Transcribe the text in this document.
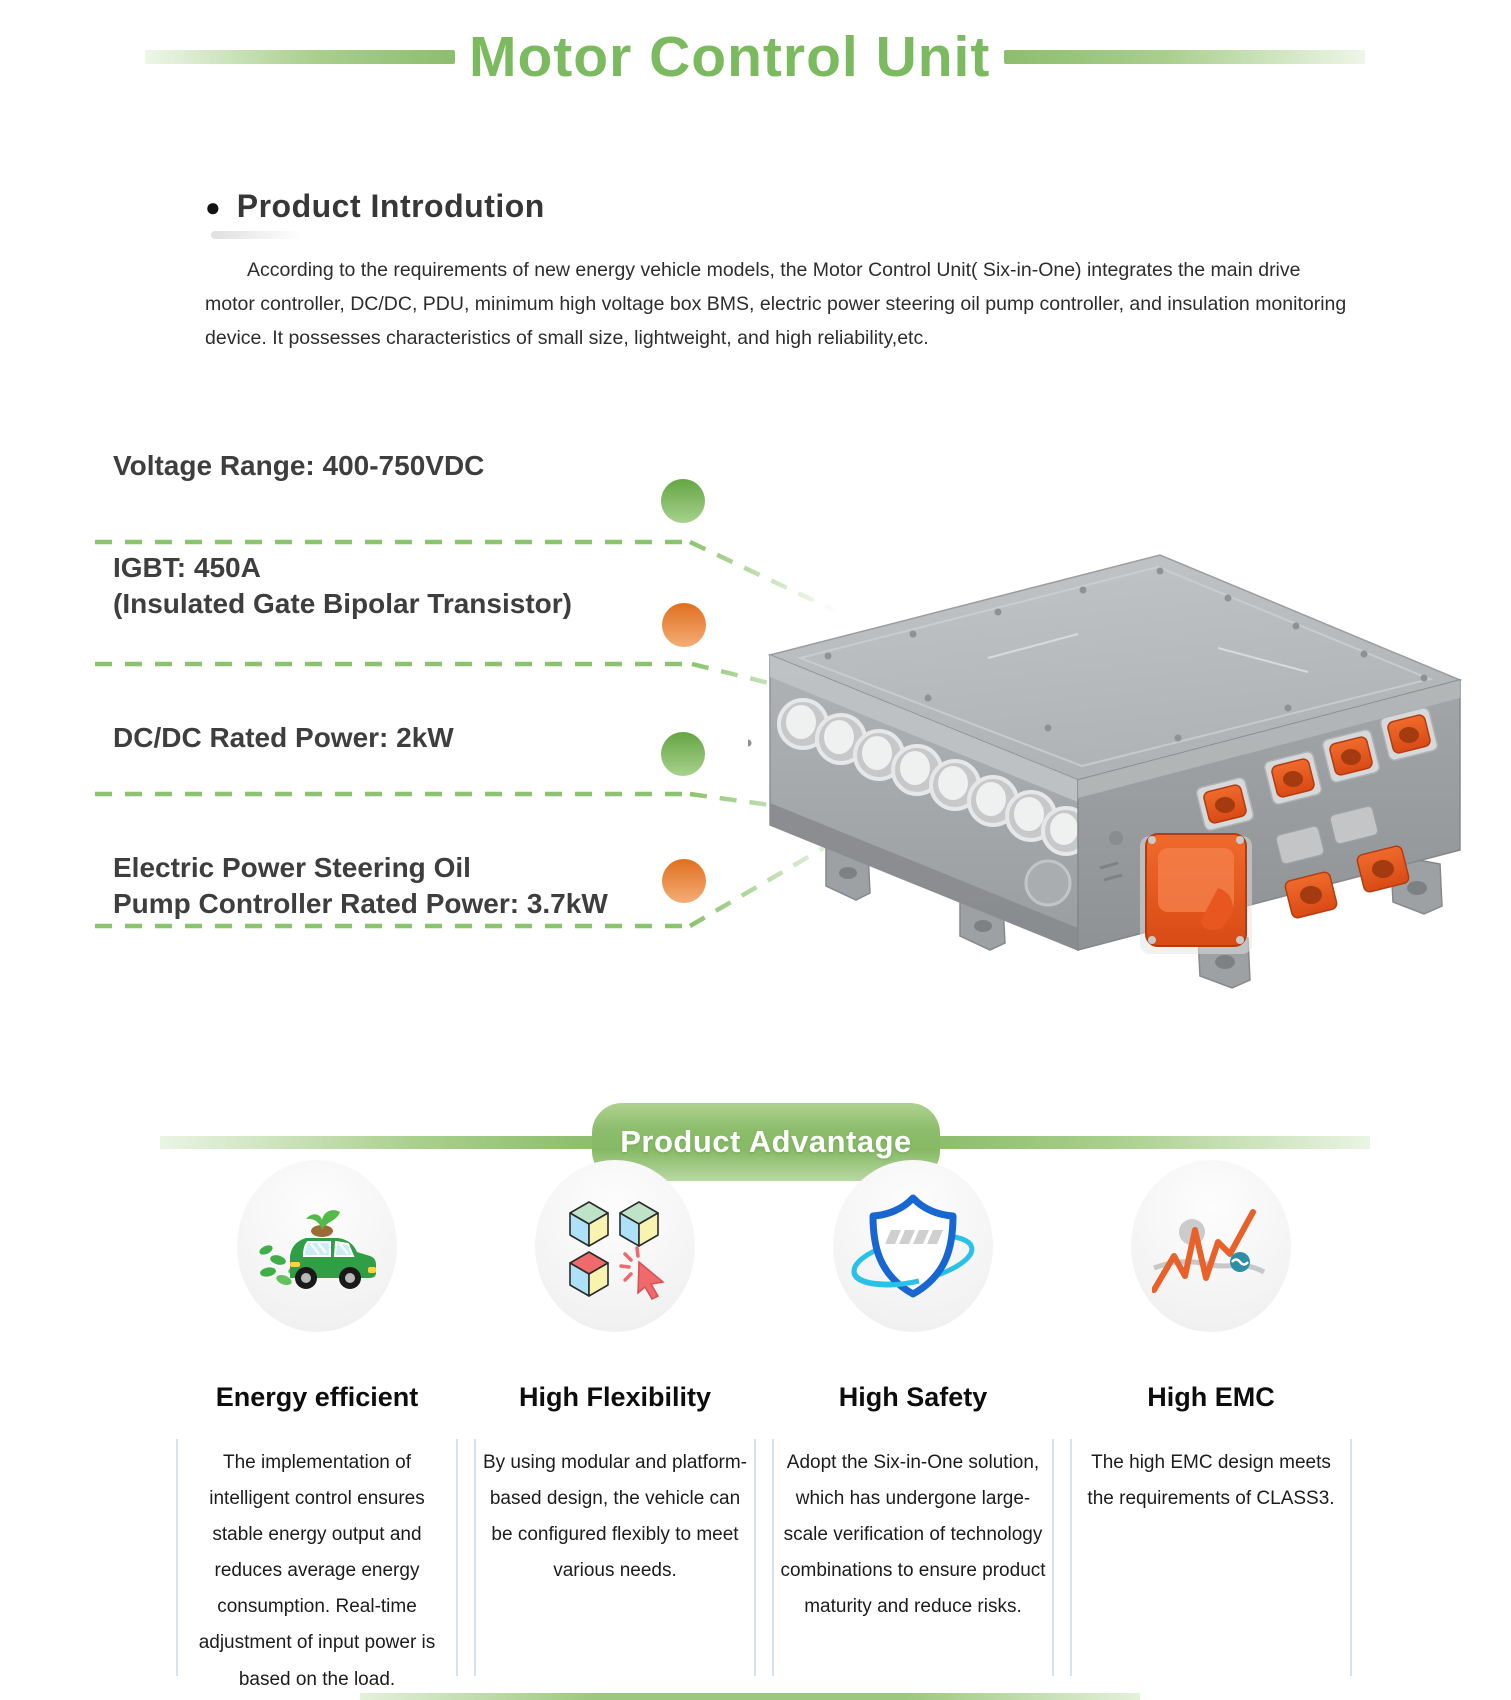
Motor Control Unit
● Product Introdution

According to the requirements of new energy vehicle models, the Motor Control Unit( Six-in-One) integrates the main drive motor controller, DC/DC, PDU, minimum high voltage box BMS, electric power steering oil pump controller, and insulation monitoring device. It possesses characteristics of small size, lightweight, and high reliability,etc.

Voltage Range: 400-750VDC
IGBT: 450A
(Insulated Gate Bipolar Transistor)
DC/DC Rated Power: 2kW
Electric Power Steering Oil
Pump Controller Rated Power: 3.7kW
Product Advantage
Energy efficient

The implementation of intelligent control ensures stable energy output and reduces average energy consumption. Real-time adjustment of input power is based on the load.

High Flexibility

By using modular and platform-based design, the vehicle can be configured flexibly to meet various needs.

High Safety

Adopt the Six-in-One solution, which has undergone large-scale verification of technology combinations to ensure product maturity and reduce risks.

High EMC

The high EMC design meets the requirements of CLASS3.
